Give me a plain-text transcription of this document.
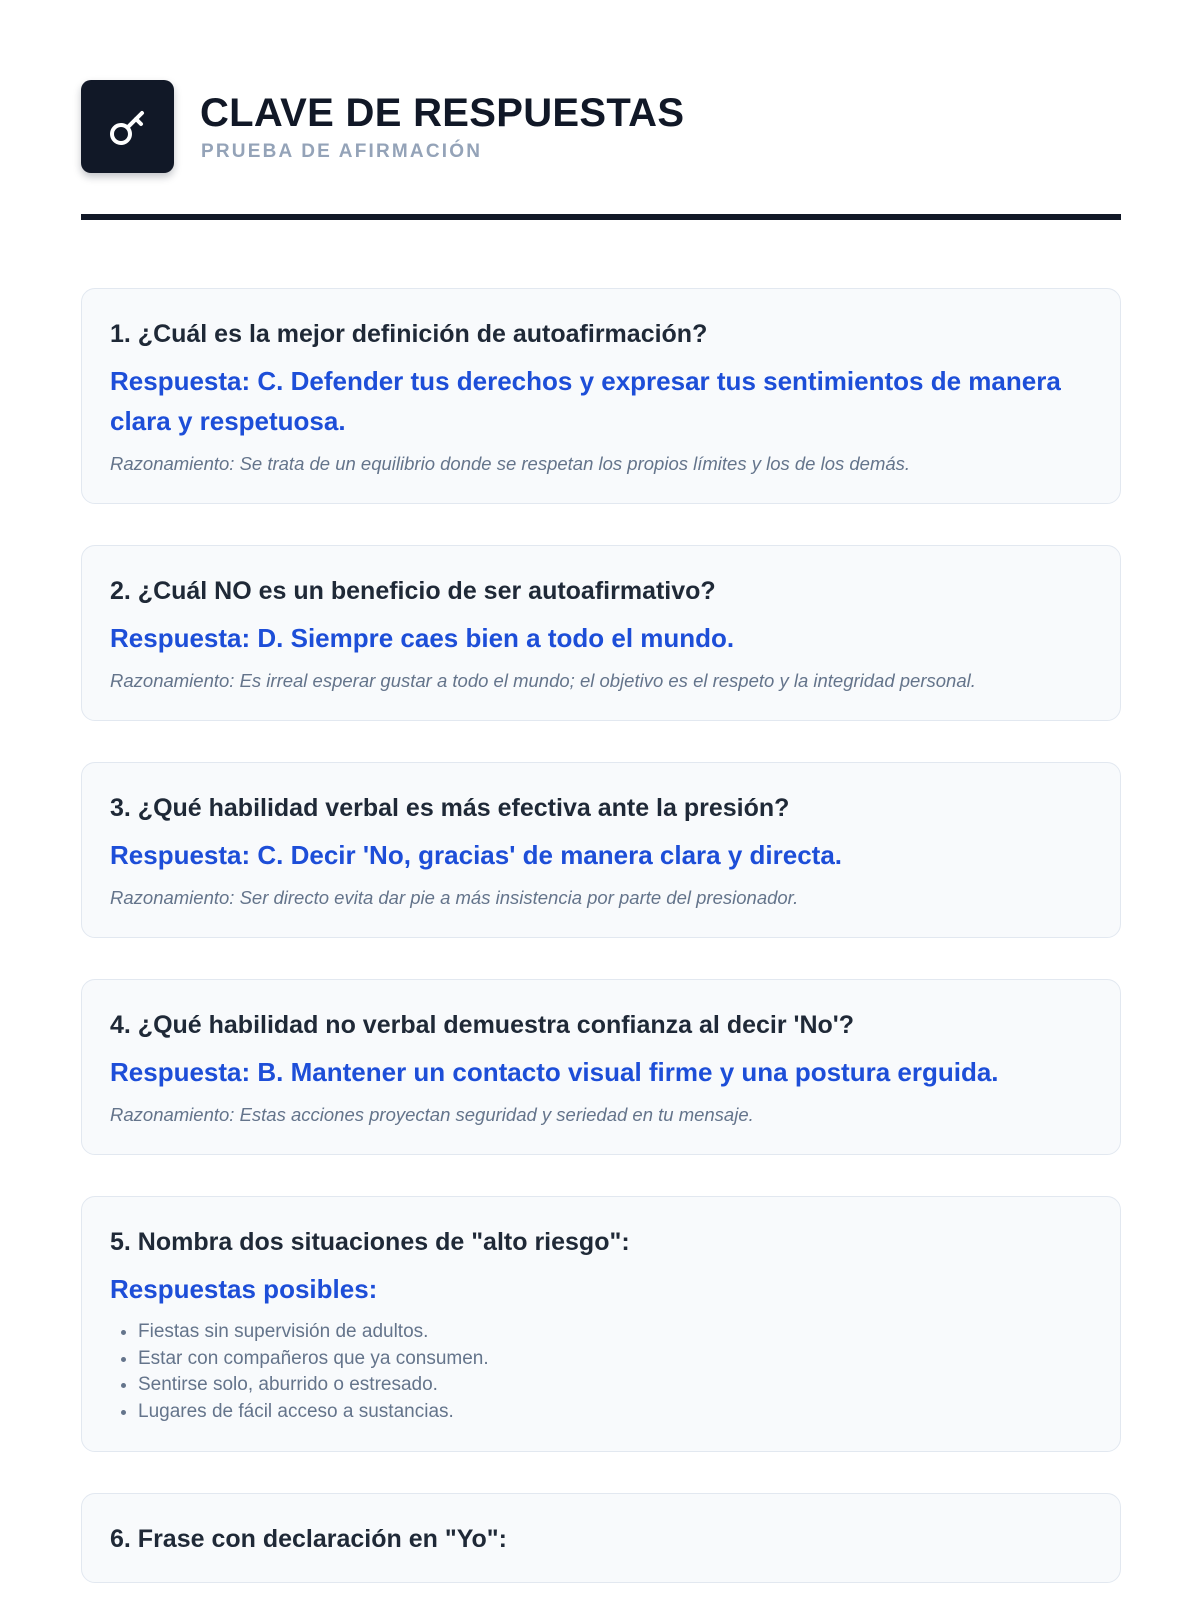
CLAVE DE RESPUESTAS
PRUEBA DE AFIRMACIÓN

1. ¿Cuál es la mejor definición de autoafirmación?

Respuesta: C. Defender tus derechos y expresar tus sentimientos de manera clara y respetuosa.

Razonamiento: Se trata de un equilibrio donde se respetan los propios límites y los de los demás.

2. ¿Cuál NO es un beneficio de ser autoafirmativo?

Respuesta: D. Siempre caes bien a todo el mundo.

Razonamiento: Es irreal esperar gustar a todo el mundo; el objetivo es el respeto y la integridad personal.

3. ¿Qué habilidad verbal es más efectiva ante la presión?

Respuesta: C. Decir 'No, gracias' de manera clara y directa.

Razonamiento: Ser directo evita dar pie a más insistencia por parte del presionador.

4. ¿Qué habilidad no verbal demuestra confianza al decir 'No'?

Respuesta: B. Mantener un contacto visual firme y una postura erguida.

Razonamiento: Estas acciones proyectan seguridad y seriedad en tu mensaje.

5. Nombra dos situaciones de "alto riesgo":

Respuestas posibles:

• Fiestas sin supervisión de adultos.
• Estar con compañeros que ya consumen.
• Sentirse solo, aburrido o estresado.
• Lugares de fácil acceso a sustancias.

6. Frase con declaración en "Yo":
